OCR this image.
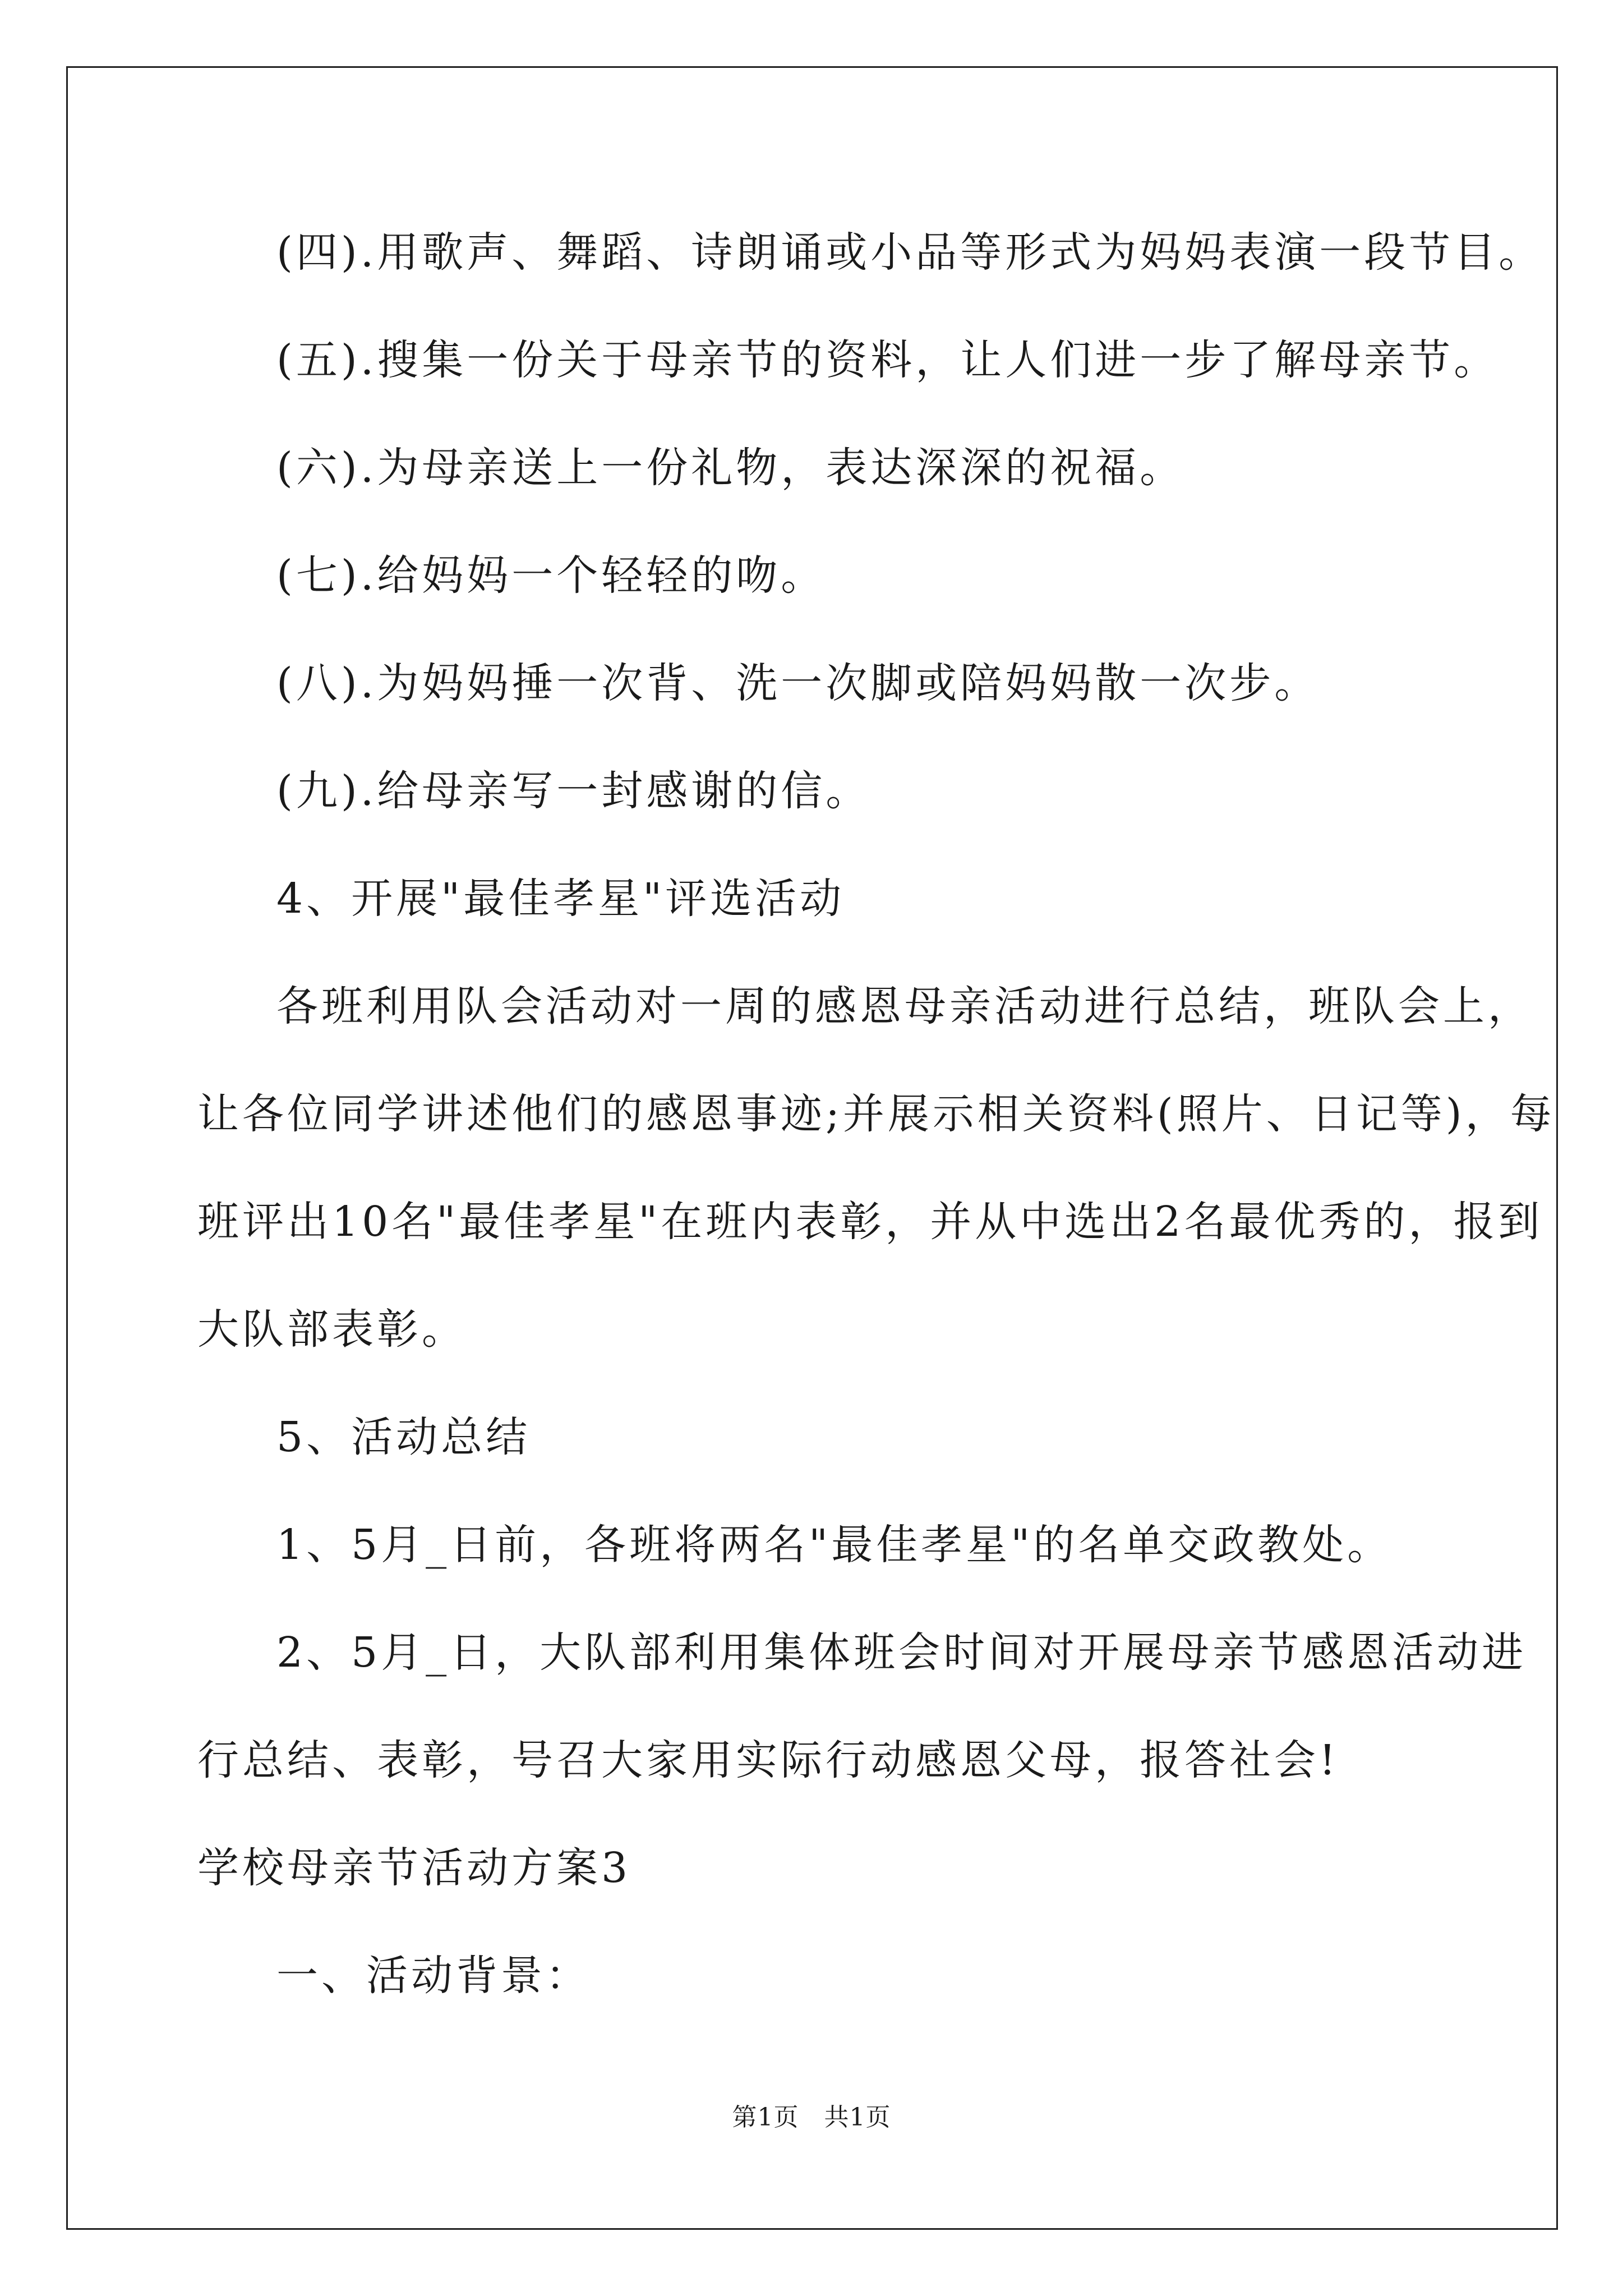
(四).用歌声、舞蹈、诗朗诵或小品等形式为妈妈表演一段节目。
(五).搜集一份关于母亲节的资料，让人们进一步了解母亲节。
(六).为母亲送上一份礼物，表达深深的祝福。
(七).给妈妈一个轻轻的吻。
(八).为妈妈捶一次背、洗一次脚或陪妈妈散一次步。
(九).给母亲写一封感谢的信。
4、开展"最佳孝星"评选活动
各班利用队会活动对一周的感恩母亲活动进行总结，班队会上，
让各位同学讲述他们的感恩事迹;并展示相关资料(照片、日记等)，每
班评出10名"最佳孝星"在班内表彰，并从中选出2名最优秀的，报到
大队部表彰。
5、活动总结
1、5月_日前，各班将两名"最佳孝星"的名单交政教处。
2、5月_日，大队部利用集体班会时间对开展母亲节感恩活动进
行总结、表彰，号召大家用实际行动感恩父母，报答社会!
学校母亲节活动方案3
一、活动背景：
第1页　共1页
